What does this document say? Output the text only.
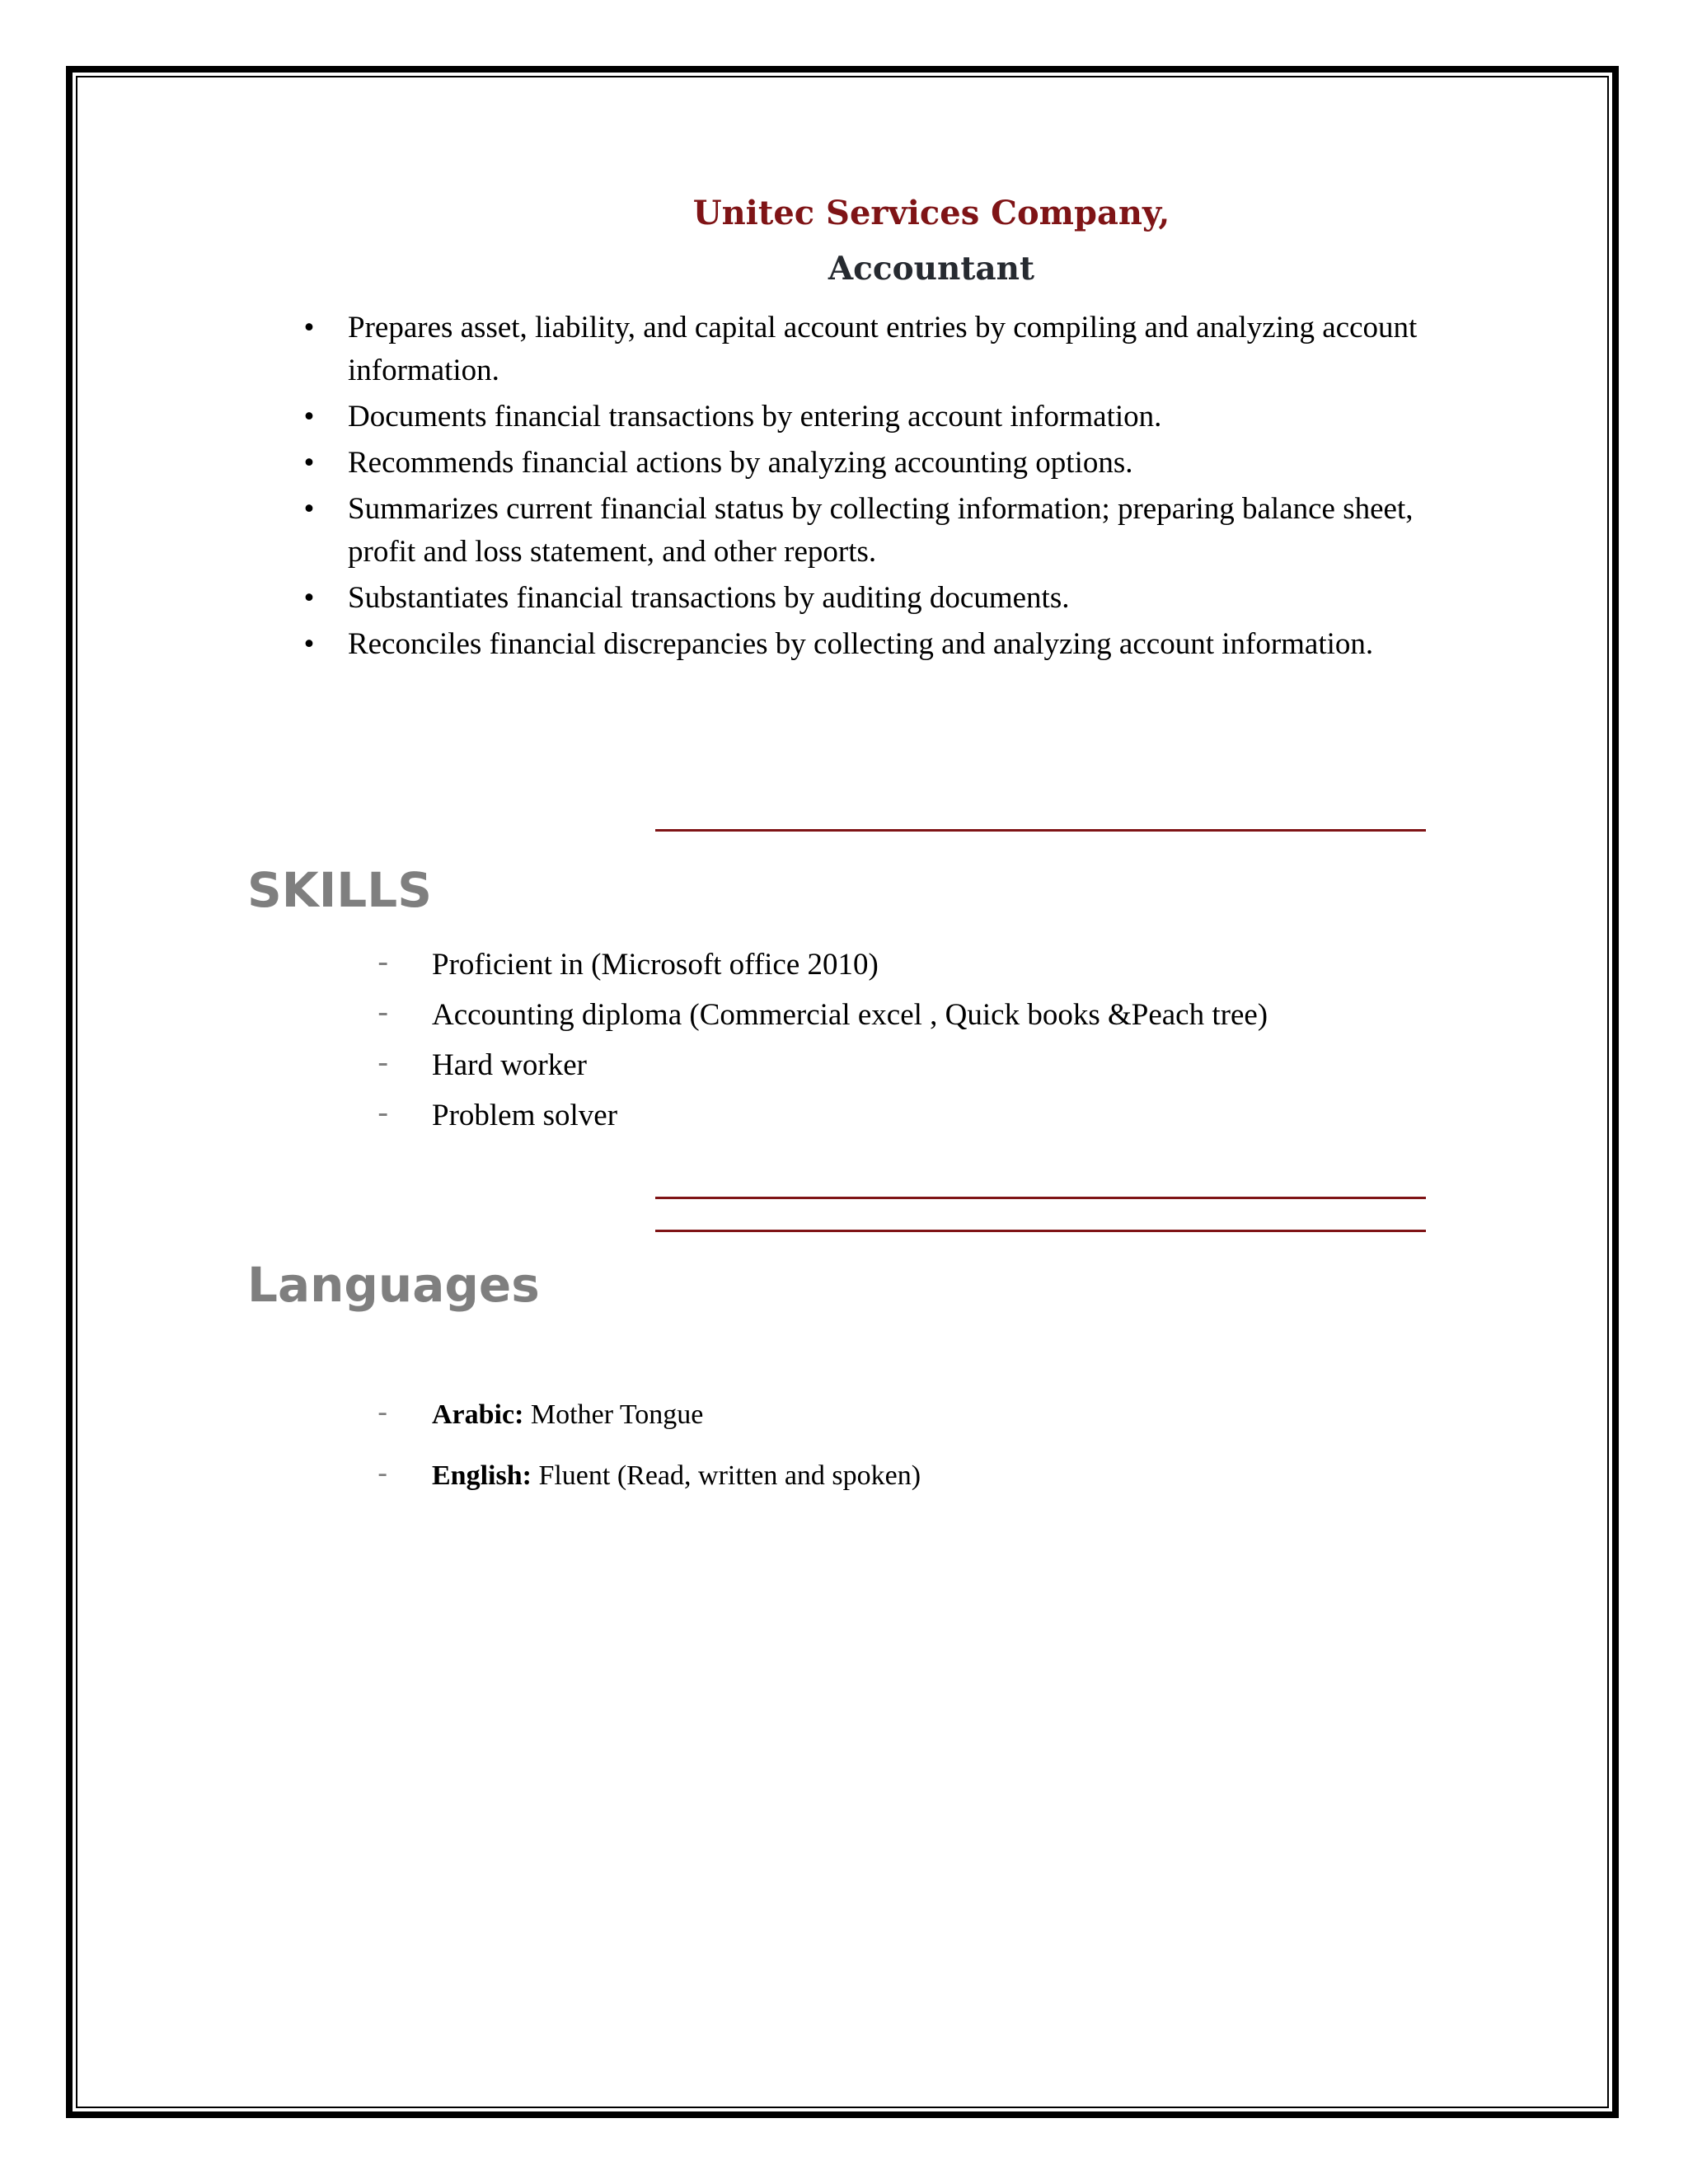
Unitec Services Company,
Accountant
• Prepares asset, liability, and capital account entries by compiling and analyzing account information.
• Documents financial transactions by entering account information.
• Recommends financial actions by analyzing accounting options.
• Summarizes current financial status by collecting information; preparing balance sheet, profit and loss statement, and other reports.
• Substantiates financial transactions by auditing documents.
• Reconciles financial discrepancies by collecting and analyzing account information.
SKILLS
- Proficient in (Microsoft office 2010)
- Accounting diploma (Commercial excel , Quick books &Peach tree)
- Hard worker
- Problem solver
Languages
- Arabic: Mother Tongue
- English: Fluent (Read, written and spoken)
